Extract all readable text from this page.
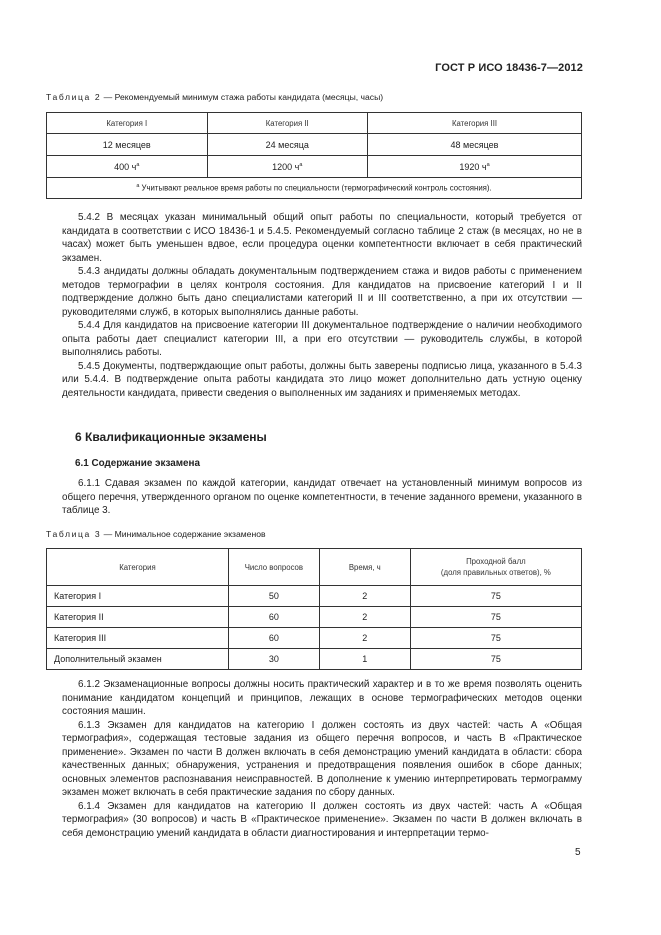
ГОСТ Р ИСО 18436-7—2012
Таблица 2 — Рекомендуемый минимум стажа работы кандидата (месяцы, часы)
Категория I	Категория II	Категория III
12 месяцев	24 месяца	48 месяцев
400 $ч^a$	1200 $ч^a$	1920 $ч^a$
$^a$ Учитывают реальное время работы по специальности (термографический контроль состояния).		

5.4.2 В месяцах указан минимальный общий опыт работы по специальности, который требуется от кандидата в соответствии с ИСО 18436-1 и 5.4.5. Рекомендуемый согласно таблице 2 стаж (в месяцах, но не в часах) может быть уменьшен вдвое, если процедура оценки компетентности включает в себя практический экзамен.

5.4.3 андидаты должны обладать документальным подтверждением стажа и видов работы с применением методов термографии в целях контроля состояния. Для кандидатов на присвоение категорий I и II подтверждение должно быть дано специалистами категорий II и III соответственно, а при их отсутствии — руководителями служб, в которых выполнялись данные работы.

5.4.4 Для кандидатов на присвоение категории III документальное подтверждение о наличии необходимого опыта работы дает специалист категории III, а при его отсутствии — руководитель службы, в которой выполнялись работы.

5.4.5 Документы, подтверждающие опыт работы, должны быть заверены подписью лица, указанного в 5.4.3 или 5.4.4. В подтверждение опыта работы кандидата это лицо может дополнительно дать устную оценку деятельности кандидата, привести сведения о выполненных им заданиях и применяемых методах.

6 Квалификационные экзамены
6.1 Содержание экзамена

6.1.1 Сдавая экзамен по каждой категории, кандидат отвечает на установленный минимум вопросов из общего перечня, утвержденного органом по оценке компетентности, в течение заданного времени, указанного в таблице 3.

Таблица 3 — Минимальное содержание экзаменов
Категория	Число вопросов	Время, ч	Проходной балл
(доля правильных ответов), %
Категория I	50	2	75
Категория II	60	2	75
Категория III	60	2	75
Дополнительный экзамен	30	1	75

6.1.2 Экзаменационные вопросы должны носить практический характер и в то же время позволять оценить понимание кандидатом концепций и принципов, лежащих в основе термографических методов оценки состояния машин.

6.1.3 Экзамен для кандидатов на категорию I должен состоять из двух частей: часть A «Общая термография», содержащая тестовые задания из общего перечня вопросов, и часть B «Практическое применение». Экзамен по части B должен включать в себя демонстрацию умений кандидата в области: сбора качественных данных; обнаружения, устранения и предотвращения появления ошибок в сборе данных; основных элементов распознавания неисправностей. В дополнение к умению интерпретировать термограмму экзамен может включать в себя практические задания по сбору данных.

6.1.4 Экзамен для кандидатов на категорию II должен состоять из двух частей: часть A «Общая термография» (30 вопросов) и часть B «Практическое применение». Экзамен по части B должен включать в себя демонстрацию умений кандидата в области диагностирования и интерпретации термо-

5
